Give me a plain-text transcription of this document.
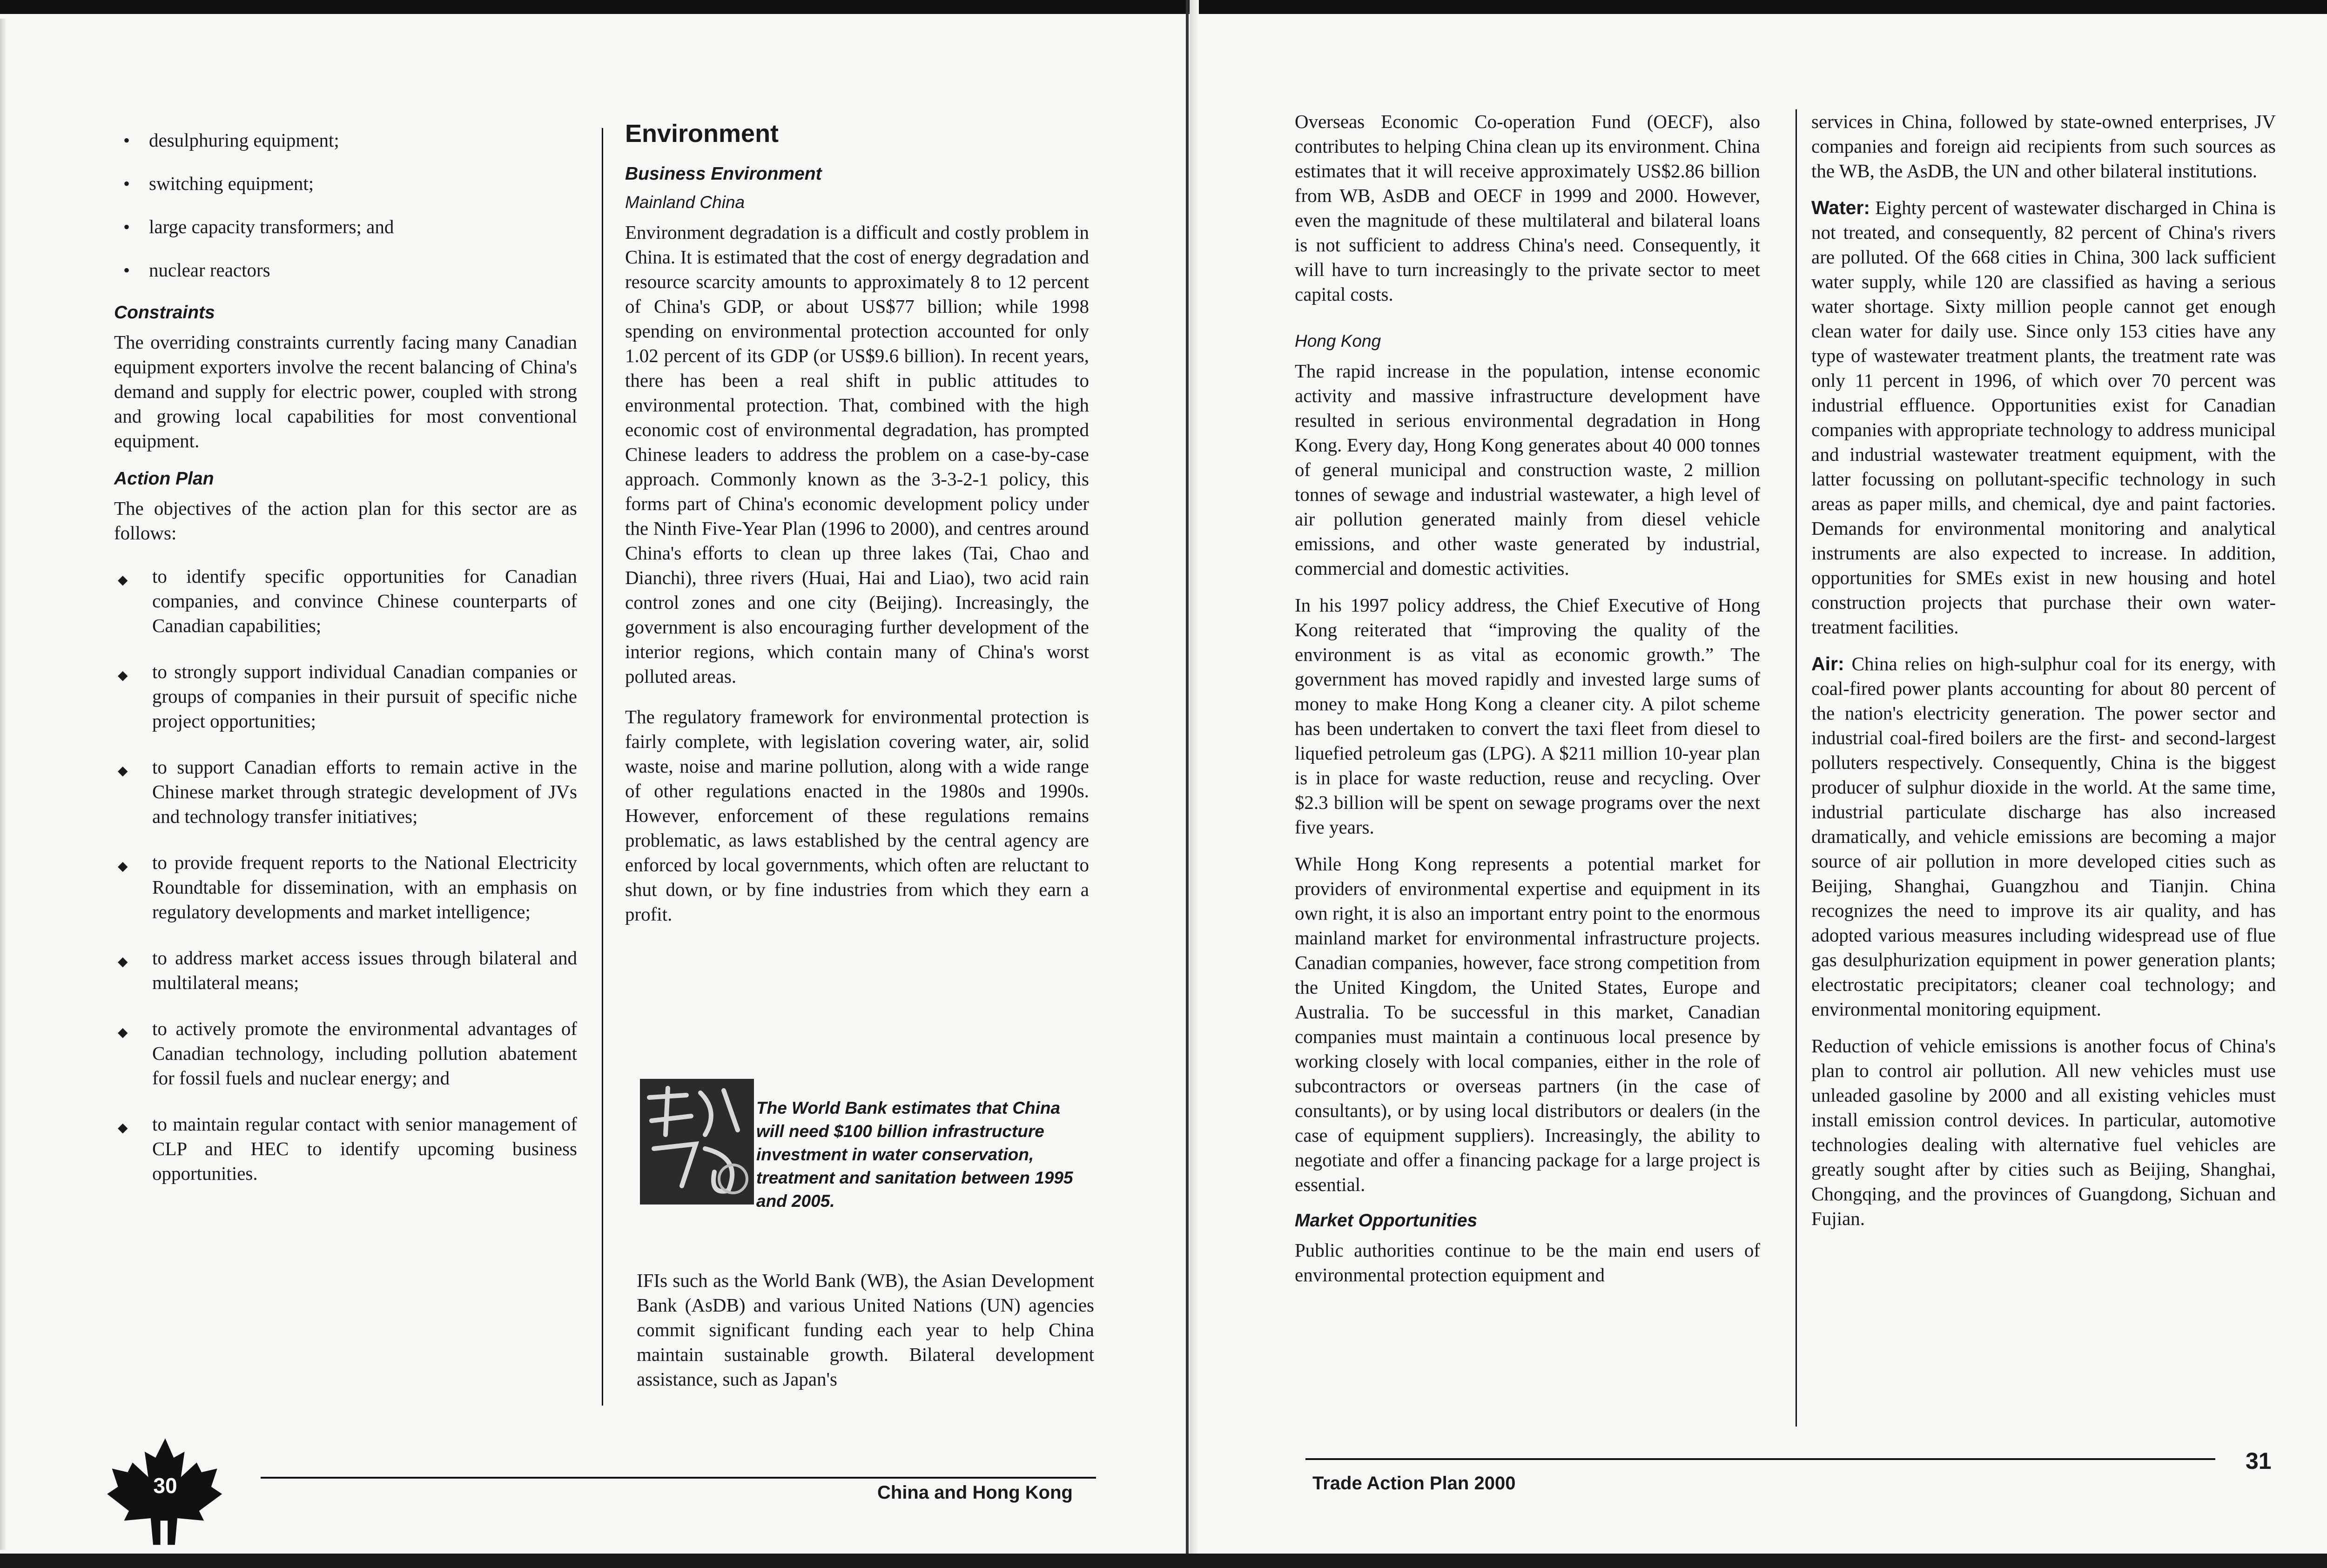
• desulphuring equipment;
• switching equipment;
• large capacity transformers; and
• nuclear reactors
Constraints

The overriding constraints currently facing many Canadian equipment exporters involve the recent balancing of China's demand and supply for electric power, coupled with strong and growing local capabilities for most conventional equipment.

Action Plan

The objectives of the action plan for this sector are as follows:

◆ to identify specific opportunities for Canadian companies, and convince Chinese counterparts of Canadian capabilities;
◆ to strongly support individual Canadian companies or groups of companies in their pursuit of specific niche project opportunities;
◆ to support Canadian efforts to remain active in the Chinese market through strategic development of JVs and technology transfer initiatives;
◆ to provide frequent reports to the National Electricity Roundtable for dissemination, with an emphasis on regulatory developments and market intelligence;
◆ to address market access issues through bilateral and multilateral means;
◆ to actively promote the environmental advantages of Canadian technology, including pollution abatement for fossil fuels and nuclear energy; and
◆ to maintain regular contact with senior management of CLP and HEC to identify upcoming business opportunities.
Environment
Business Environment
Mainland China

Environment degradation is a difficult and costly problem in China. It is estimated that the cost of energy degradation and resource scarcity amounts to approximately 8 to 12 percent of China's GDP, or about US$77 billion; while 1998 spending on environmental protection accounted for only 1.02 percent of its GDP (or US$9.6 billion). In recent years, there has been a real shift in public attitudes to environmental protection. That, combined with the high economic cost of environmental degradation, has prompted Chinese leaders to address the problem on a case-by-case approach. Commonly known as the 3-3-2-1 policy, this forms part of China's economic development policy under the Ninth Five-Year Plan (1996 to 2000), and centres around China's efforts to clean up three lakes (Tai, Chao and Dianchi), three rivers (Huai, Hai and Liao), two acid rain control zones and one city (Beijing). Increasingly, the government is also encouraging further development of the interior regions, which contain many of China's worst polluted areas.

The regulatory framework for environmental protection is fairly complete, with legislation covering water, air, solid waste, noise and marine pollution, along with a wide range of other regulations enacted in the 1980s and 1990s. However, enforcement of these regulations remains problematic, as laws established by the central agency are enforced by local governments, which often are reluctant to shut down, or by fine industries from which they earn a profit.

The World Bank estimates that China will need $100 billion infrastructure investment in water conservation, treatment and sanitation between 1995 and 2005.

IFIs such as the World Bank (WB), the Asian Development Bank (AsDB) and various United Nations (UN) agencies commit significant funding each year to help China maintain sustainable growth. Bilateral development assistance, such as Japan's

30	China and Hong Kong

Overseas Economic Co-operation Fund (OECF), also contributes to helping China clean up its environment. China estimates that it will receive approximately US$2.86 billion from WB, AsDB and OECF in 1999 and 2000. However, even the magnitude of these multilateral and bilateral loans is not sufficient to address China's need. Consequently, it will have to turn increasingly to the private sector to meet capital costs.

Hong Kong

The rapid increase in the population, intense economic activity and massive infrastructure development have resulted in serious environmental degradation in Hong Kong. Every day, Hong Kong generates about 40 000 tonnes of general municipal and construction waste, 2 million tonnes of sewage and industrial wastewater, a high level of air pollution generated mainly from diesel vehicle emissions, and other waste generated by industrial, commercial and domestic activities.

In his 1997 policy address, the Chief Executive of Hong Kong reiterated that “improving the quality of the environment is as vital as economic growth.” The government has moved rapidly and invested large sums of money to make Hong Kong a cleaner city. A pilot scheme has been undertaken to convert the taxi fleet from diesel to liquefied petroleum gas (LPG). A $211 million 10-year plan is in place for waste reduction, reuse and recycling. Over $2.3 billion will be spent on sewage programs over the next five years.

While Hong Kong represents a potential market for providers of environmental expertise and equipment in its own right, it is also an important entry point to the enormous mainland market for environmental infrastructure projects. Canadian companies, however, face strong competition from the United Kingdom, the United States, Europe and Australia. To be successful in this market, Canadian companies must maintain a continuous local presence by working closely with local companies, either in the role of subcontractors or overseas partners (in the case of consultants), or by using local distributors or dealers (in the case of equipment suppliers). Increasingly, the ability to negotiate and offer a financing package for a large project is essential.

Market Opportunities

Public authorities continue to be the main end users of environmental protection equipment and

services in China, followed by state-owned enterprises, JV companies and foreign aid recipients from such sources as the WB, the AsDB, the UN and other bilateral institutions.

Water: Eighty percent of wastewater discharged in China is not treated, and consequently, 82 percent of China's rivers are polluted. Of the 668 cities in China, 300 lack sufficient water supply, while 120 are classified as having a serious water shortage. Sixty million people cannot get enough clean water for daily use. Since only 153 cities have any type of wastewater treatment plants, the treatment rate was only 11 percent in 1996, of which over 70 percent was industrial effluence. Opportunities exist for Canadian companies with appropriate technology to address municipal and industrial wastewater treatment equipment, with the latter focussing on pollutant-specific technology in such areas as paper mills, and chemical, dye and paint factories. Demands for environmental monitoring and analytical instruments are also expected to increase. In addition, opportunities for SMEs exist in new housing and hotel construction projects that purchase their own water-treatment facilities.

Air: China relies on high-sulphur coal for its energy, with coal-fired power plants accounting for about 80 percent of the nation's electricity generation. The power sector and industrial coal-fired boilers are the first- and second-largest polluters respectively. Consequently, China is the biggest producer of sulphur dioxide in the world. At the same time, industrial particulate discharge has also increased dramatically, and vehicle emissions are becoming a major source of air pollution in more developed cities such as Beijing, Shanghai, Guangzhou and Tianjin. China recognizes the need to improve its air quality, and has adopted various measures including widespread use of flue gas desulphurization equipment in power generation plants; electrostatic precipitators; cleaner coal technology; and environmental monitoring equipment.

Reduction of vehicle emissions is another focus of China's plan to control air pollution. All new vehicles must use unleaded gasoline by 2000 and all existing vehicles must install emission control devices. In particular, automotive technologies dealing with alternative fuel vehicles are greatly sought after by cities such as Beijing, Shanghai, Chongqing, and the provinces of Guangdong, Sichuan and Fujian.

Trade Action Plan 2000
31
